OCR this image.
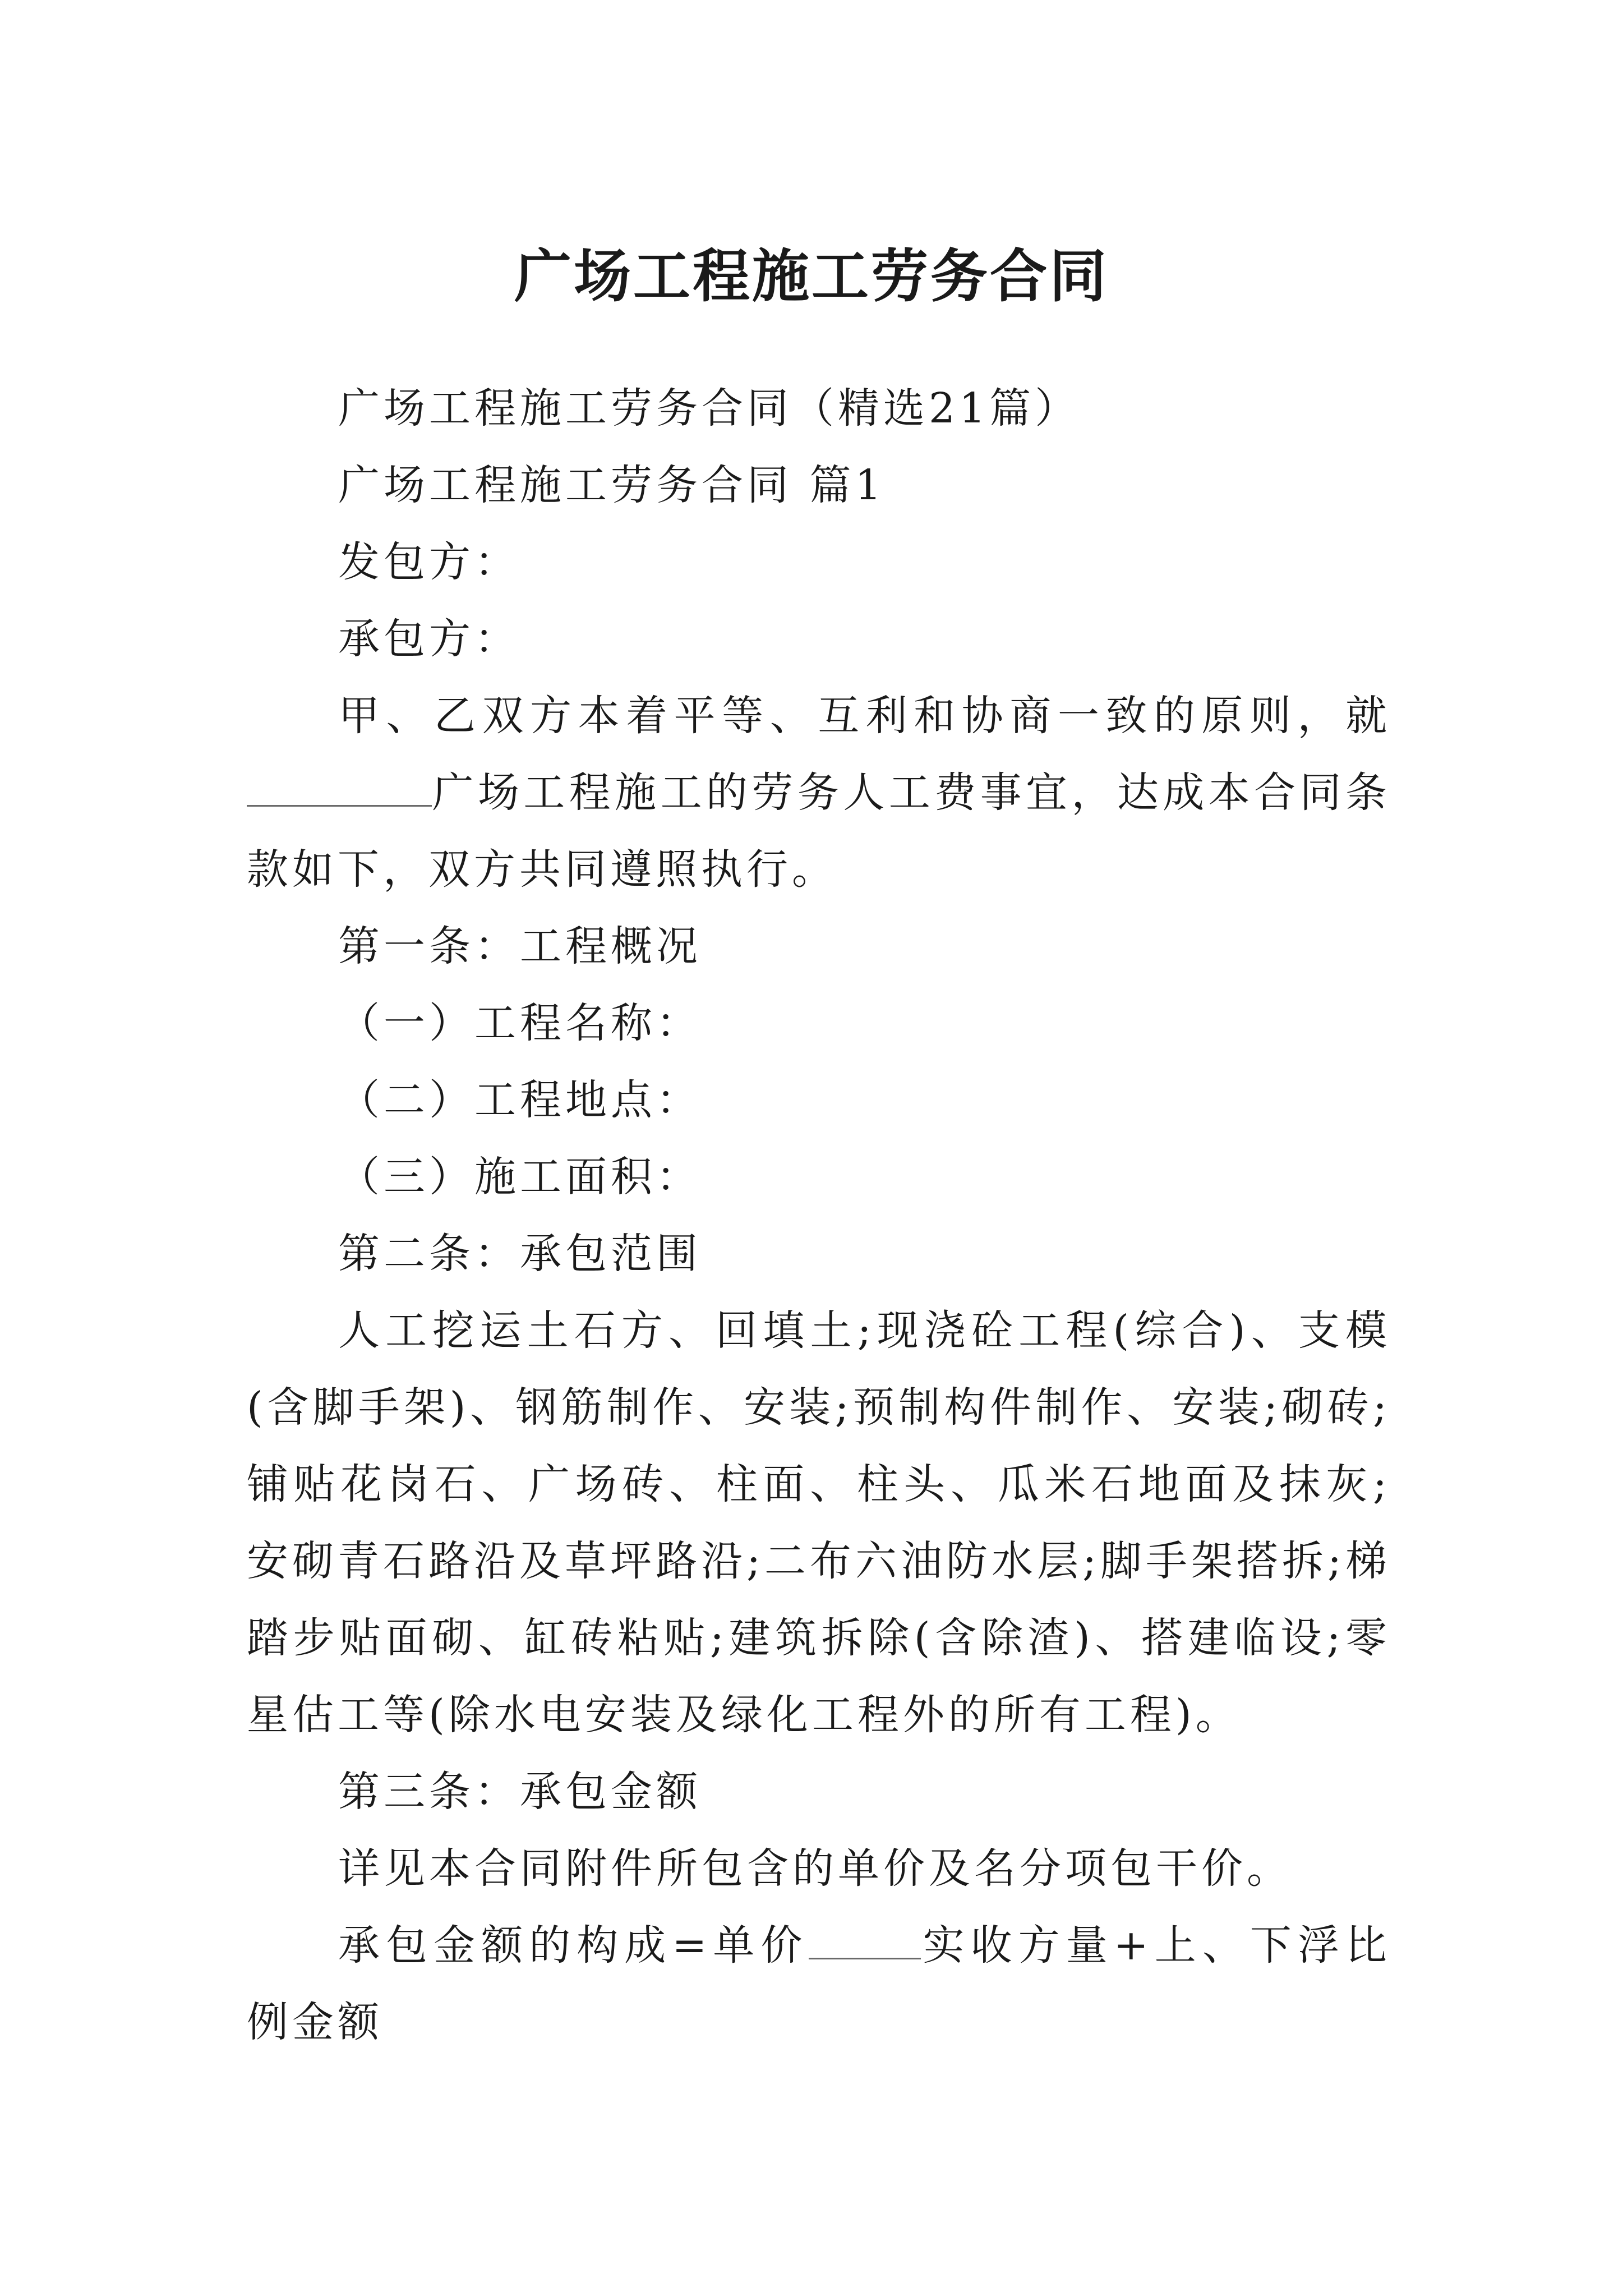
广场工程施工劳务合同

广场工程施工劳务合同（精选21篇）

广场工程施工劳务合同 篇1

发包方：

承包方：

甲、乙双方本着平等、互利和协商一致的原则，就

广场工程施工的劳务人工费事宜，达成本合同条款如下，双方共同遵照执行。

第一条：工程概况

（一）工程名称：

（二）工程地点：

（三）施工面积：

第二条：承包范围

人工挖运土石方、回填土;现浇砼工程(综合)、支模(含脚手架)、钢筋制作、安装;预制构件制作、安装;砌砖;铺贴花岗石、广场砖、柱面、柱头、瓜米石地面及抹灰;安砌青石路沿及草坪路沿;二布六油防水层;脚手架搭拆;梯踏步贴面砌、缸砖粘贴;建筑拆除(含除渣)、搭建临设;零星估工等(除水电安装及绿化工程外的所有工程)。

第三条：承包金额

详见本合同附件所包含的单价及名分项包干价。

承包金额的构成=单价	实收方量+上、下浮比例金额
